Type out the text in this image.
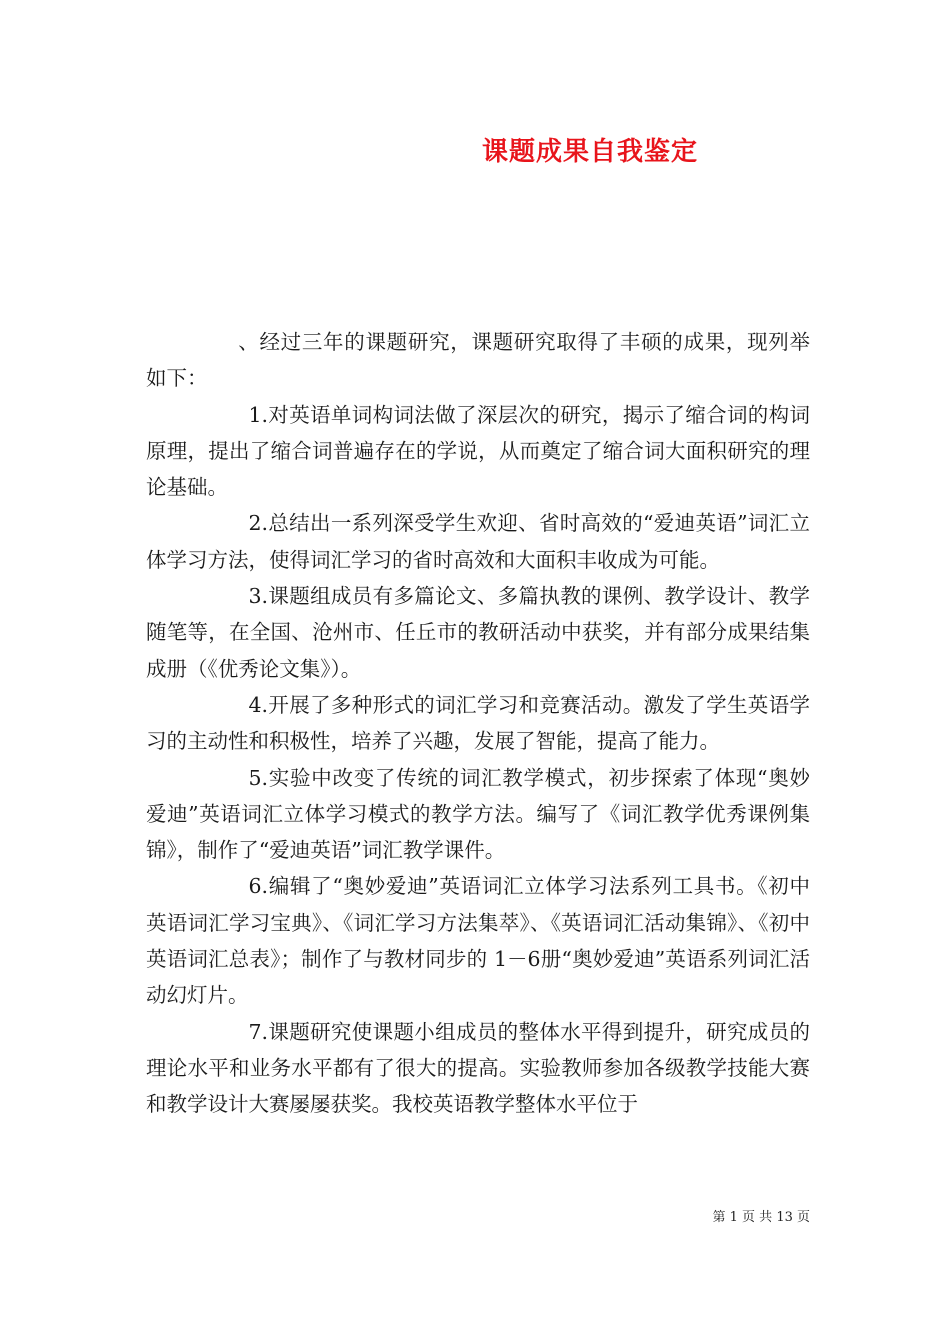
课题成果自我鉴定

、经过三年的课题研究，课题研究取得了丰硕的成果，现列举如下：

1.对英语单词构词法做了深层次的研究，揭示了缩合词的构词原理，提出了缩合词普遍存在的学说，从而奠定了缩合词大面积研究的理论基础。

2.总结出一系列深受学生欢迎、省时高效的“爱迪英语”词汇立体学习方法，使得词汇学习的省时高效和大面积丰收成为可能。

3.课题组成员有多篇论文、多篇执教的课例、教学设计、教学随笔等，在全国、沧州市、任丘市的教研活动中获奖，并有部分成果结集成册（《优秀论文集》）。

4.开展了多种形式的词汇学习和竞赛活动。激发了学生英语学习的主动性和积极性，培养了兴趣，发展了智能，提高了能力。

5.实验中改变了传统的词汇教学模式，初步探索了体现“奥妙爱迪”英语词汇立体学习模式的教学方法。编写了《词汇教学优秀课例集锦》，制作了“爱迪英语”词汇教学课件。

6.编辑了“奥妙爱迪”英语词汇立体学习法系列工具书。《初中英语词汇学习宝典》、《词汇学习方法集萃》、《英语词汇活动集锦》、《初中英语词汇总表》；制作了与教材同步的 1－6册“奥妙爱迪”英语系列词汇活动幻灯片。

7.课题研究使课题小组成员的整体水平得到提升，研究成员的理论水平和业务水平都有了很大的提高。实验教师参加各级教学技能大赛和教学设计大赛屡屡获奖。我校英语教学整体水平位于

第 1 页 共 13 页
